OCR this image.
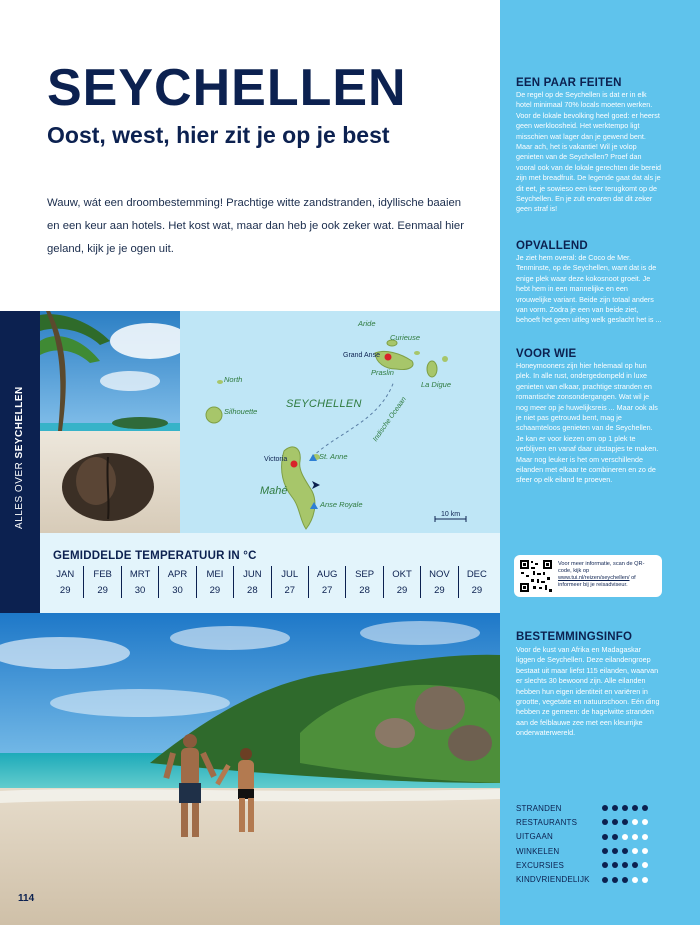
SEYCHELLEN
Oost, west, hier zit je op je best

Wauw, wát een droombestemming! Prachtige witte zandstranden, idyllische baaien en een keur aan hotels. Het kost wat, maar dan heb je ook zeker wat. Eenmaal hier geland, kijk je je ogen uit.

EEN PAAR FEITEN

De regel op de Seychellen is dat er in elk hotel minimaal 70% locals moeten werken. Voor de lokale bevolking heel goed: er heerst geen werkloosheid. Het werktempo ligt misschien wat lager dan je gewend bent. Maar ach, het is vakantie! Wil je volop genieten van de Seychellen? Proef dan vooral ook van de lokale gerechten die bereid zijn met breadfruit. De legende gaat dat als je dit eet, je sowieso een keer terugkomt op de Seychellen. En je zult ervaren dat dit zeker geen straf is!

OPVALLEND

Je ziet hem overal: de Coco de Mer. Tenminste, op de Seychellen, want dat is de enige plek waar deze kokosnoot groeit. Je hebt hem in een mannelijke en een vrouwelijke variant. Beide zijn totaal anders van vorm. Zodra je een van beide ziet, behoeft het geen uitleg welk geslacht het is ...

VOOR WIE

Honeymooners zijn hier helemaal op hun plek. In alle rust, ondergedompeld in luxe genieten van elkaar, prachtige stranden en romantische zonsondergangen. Wat wil je nog meer op je huwelijksreis ... Maar ook als je niet pas getrouwd bent, mag je schaamteloos genieten van de Seychellen. Je kan er voor kiezen om op 1 plek te verblijven en vanaf daar uitstapjes te maken. Maar nog leuker is het om verschillende eilanden met elkaar te combineren en zo de sfeer op elk eiland te proeven.

ALLES OVER SEYCHELLEN
Aride
Curieuse
Grand Anse
Praslin
La Digue
North
Silhouette
SEYCHELLEN
Victoria	St. Anne
Mahé
Anse Royale
Indische Oceaan
10 km
GEMIDDELDE TEMPERATUUR IN °C
JAN
29
FEB
29
MRT
30
APR
30
MEI
29
JUN
28
JUL
27
AUG
27
SEP
28
OKT
29
NOV
29
DEC
29
Voor meer informatie, scan de QR-code, kijk op www.tui.nl/reizen/seychellen/ of informeer bij je reisadviseur.
BESTEMMINGSINFO

Voor de kust van Afrika en Madagaskar liggen de Seychellen. Deze eilandengroep bestaat uit maar liefst 115 eilanden, waarvan er slechts 30 bewoond zijn. Alle eilanden hebben hun eigen identiteit en variëren in grootte, vegetatie en natuurschoon. Eén ding hebben ze gemeen: de hagelwitte stranden aan de felblauwe zee met een kleurrijke onderwaterwereld.

STRANDEN
RESTAURANTS
UITGAAN
WINKELEN
EXCURSIES
KINDVRIENDELIJK
114
